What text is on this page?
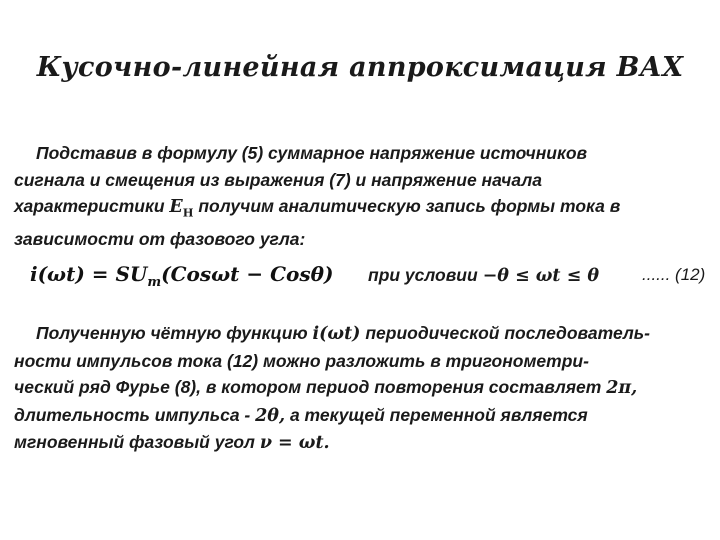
Кусочно-линейная аппроксимация ВАХ
Подставив в формулу (5) суммарное напряжение источников
сигнала и смещения из выражения (7) и напряжение начала
характеристики $E_Н$ получим аналитическую запись формы тока в
зависимости от фазового угла:
$i(\omega t) = SU_m(Cos\omega t - Cos\theta)$ при условии −θ ≤ ωt ≤ θ	...... (12)
Полученную чётную функцию i(ωt) периодической последователь-
ности импульсов тока (12) можно разложить в тригонометри-
ческий ряд Фурье (8), в котором период повторения составляет 2π,
длительность импульса - 2θ, а текущей переменной является
мгновенный фазовый угол ν = ωt.
